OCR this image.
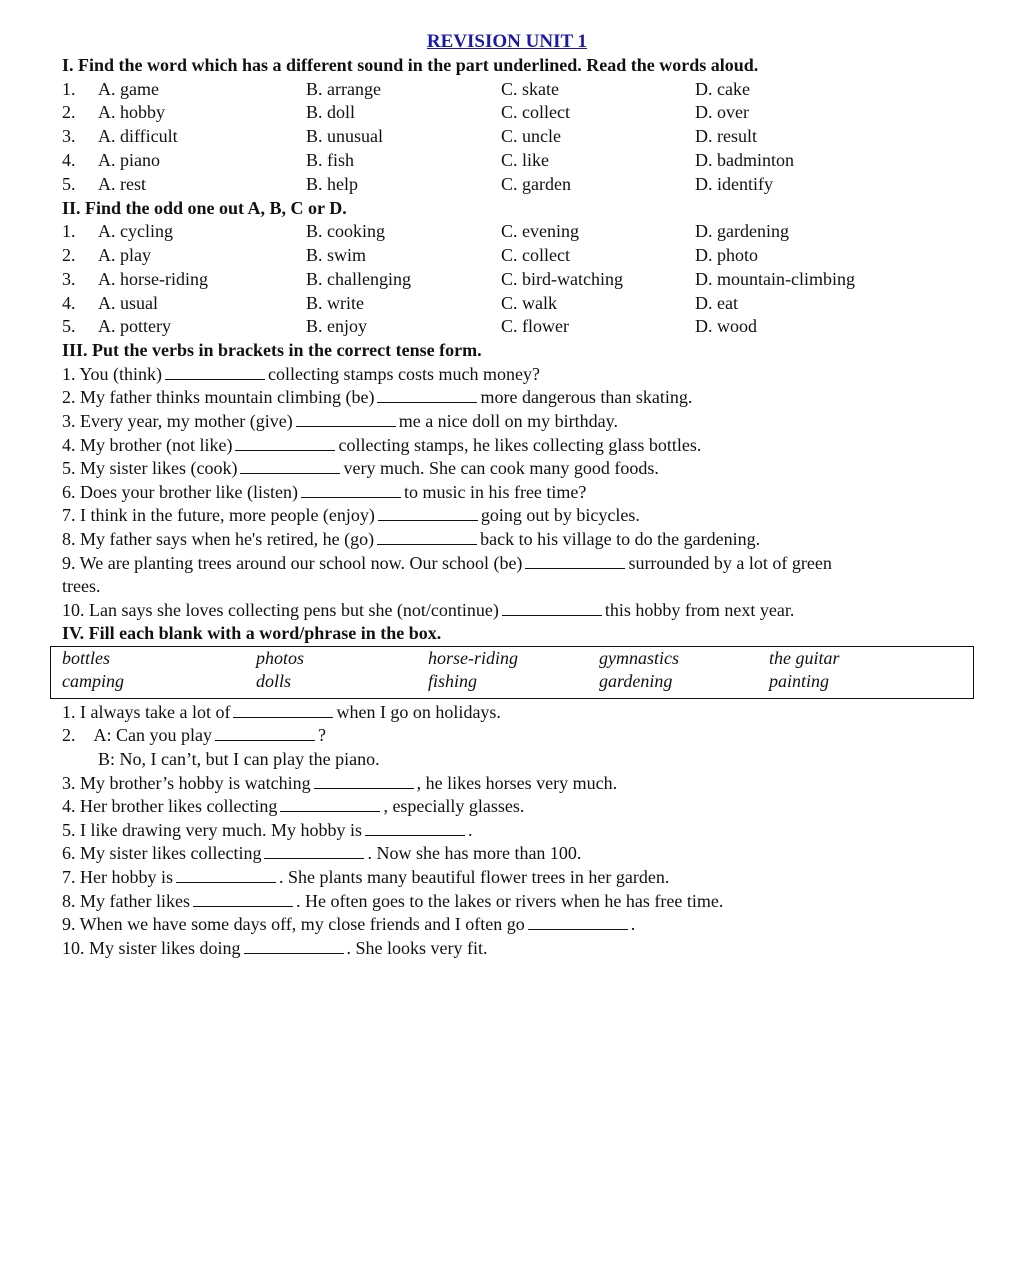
REVISION UNIT 1
I. Find the word which has a different sound in the part underlined. Read the words aloud.
1. A. game	B. arrange	C. skate	D. cake
2. A. hobby	B. doll	C. collect	D. over
3. A. difficult	B. unusual	C. uncle	D. result
4. A. piano	B. fish	C. like	D. badminton
5. A. rest	B. help	C. garden	D. identify
II. Find the odd one out A, B, C or D.
1. A. cycling	B. cooking	C. evening	D. gardening
2. A. play	B. swim	C. collect	D. photo
3. A. horse-riding	B. challenging	C. bird-watching	D. mountain-climbing
4. A. usual	B. write	C. walk	D. eat
5. A. pottery	B. enjoy	C. flower	D. wood
III. Put the verbs in brackets in the correct tense form.
1. You (think)	collecting stamps costs much money?
2. My father thinks mountain climbing (be)	more dangerous than skating.
3. Every year, my mother (give)	me a nice doll on my birthday.
4. My brother (not like)	collecting stamps, he likes collecting glass bottles.
5. My sister likes (cook)	very much. She can cook many good foods.
6. Does your brother like (listen)	to music in his free time?
7. I think in the future, more people (enjoy)	going out by bicycles.
8. My father says when he's retired, he (go)	back to his village to do the gardening.
9. We are planting trees around our school now. Our school (be)	surrounded by a lot of green
trees.
10. Lan says she loves collecting pens but she (not/continue)	this hobby from next year.
IV. Fill each blank with a word/phrase in the box.
bottles	photos	horse-riding	gymnastics	the guitar
camping	dolls	fishing	gardening	painting
1. I always take a lot of	when I go on holidays.
2.    A: Can you play	?
B: No, I can’t, but I can play the piano.
3. My brother’s hobby is watching	, he likes horses very much.
4. Her brother likes collecting	, especially glasses.
5. I like drawing very much. My hobby is	.
6. My sister likes collecting	. Now she has more than 100.
7. Her hobby is	. She plants many beautiful flower trees in her garden.
8. My father likes	. He often goes to the lakes or rivers when he has free time.
9. When we have some days off, my close friends and I often go	.
10. My sister likes doing	. She looks very fit.
